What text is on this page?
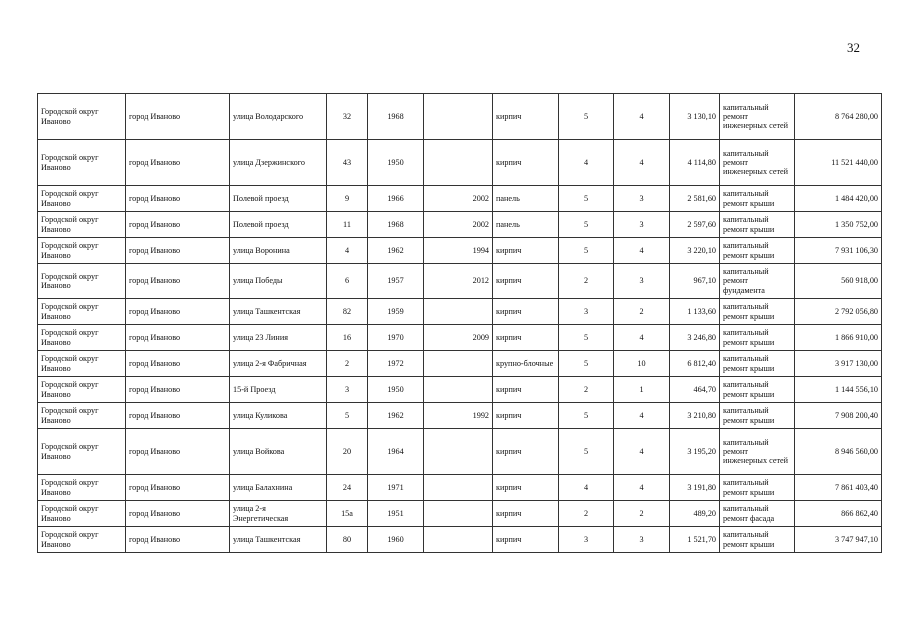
32
Городской округ Иваново	город Иваново	улица Володарского	32	1968		кирпич	5	4	3 130,10	капитальный ремонт инженерных сетей	8 764 280,00
Городской округ Иваново	город Иваново	улица Дзержинского	43	1950		кирпич	4	4	4 114,80	капитальный ремонт инженерных сетей	11 521 440,00
Городской округ Иваново	город Иваново	Полевой проезд	9	1966	2002	панель	5	3	2 581,60	капитальный ремонт крыши	1 484 420,00
Городской округ Иваново	город Иваново	Полевой проезд	11	1968	2002	панель	5	3	2 597,60	капитальный ремонт крыши	1 350 752,00
Городской округ Иваново	город Иваново	улица Воронина	4	1962	1994	кирпич	5	4	3 220,10	капитальный ремонт крыши	7 931 106,30
Городской округ Иваново	город Иваново	улица Победы	6	1957	2012	кирпич	2	3	967,10	капитальный ремонт фундамента	560 918,00
Городской округ Иваново	город Иваново	улица Ташкентская	82	1959		кирпич	3	2	1 133,60	капитальный ремонт крыши	2 792 056,80
Городской округ Иваново	город Иваново	улица 23 Линия	16	1970	2009	кирпич	5	4	3 246,80	капитальный ремонт крыши	1 866 910,00
Городской округ Иваново	город Иваново	улица 2-я Фабричная	2	1972		крупно-блочные	5	10	6 812,40	капитальный ремонт крыши	3 917 130,00
Городской округ Иваново	город Иваново	15-й Проезд	3	1950		кирпич	2	1	464,70	капитальный ремонт крыши	1 144 556,10
Городской округ Иваново	город Иваново	улица Куликова	5	1962	1992	кирпич	5	4	3 210,80	капитальный ремонт крыши	7 908 200,40
Городской округ Иваново	город Иваново	улица Войкова	20	1964		кирпич	5	4	3 195,20	капитальный ремонт инженерных сетей	8 946 560,00
Городской округ Иваново	город Иваново	улица Балахнина	24	1971		кирпич	4	4	3 191,80	капитальный ремонт крыши	7 861 403,40
Городской округ Иваново	город Иваново	улица 2-я Энергетическая	15а	1951		кирпич	2	2	489,20	капитальный ремонт фасада	866 862,40
Городской округ Иваново	город Иваново	улица Ташкентская	80	1960		кирпич	3	3	1 521,70	капитальный ремонт крыши	3 747 947,10
